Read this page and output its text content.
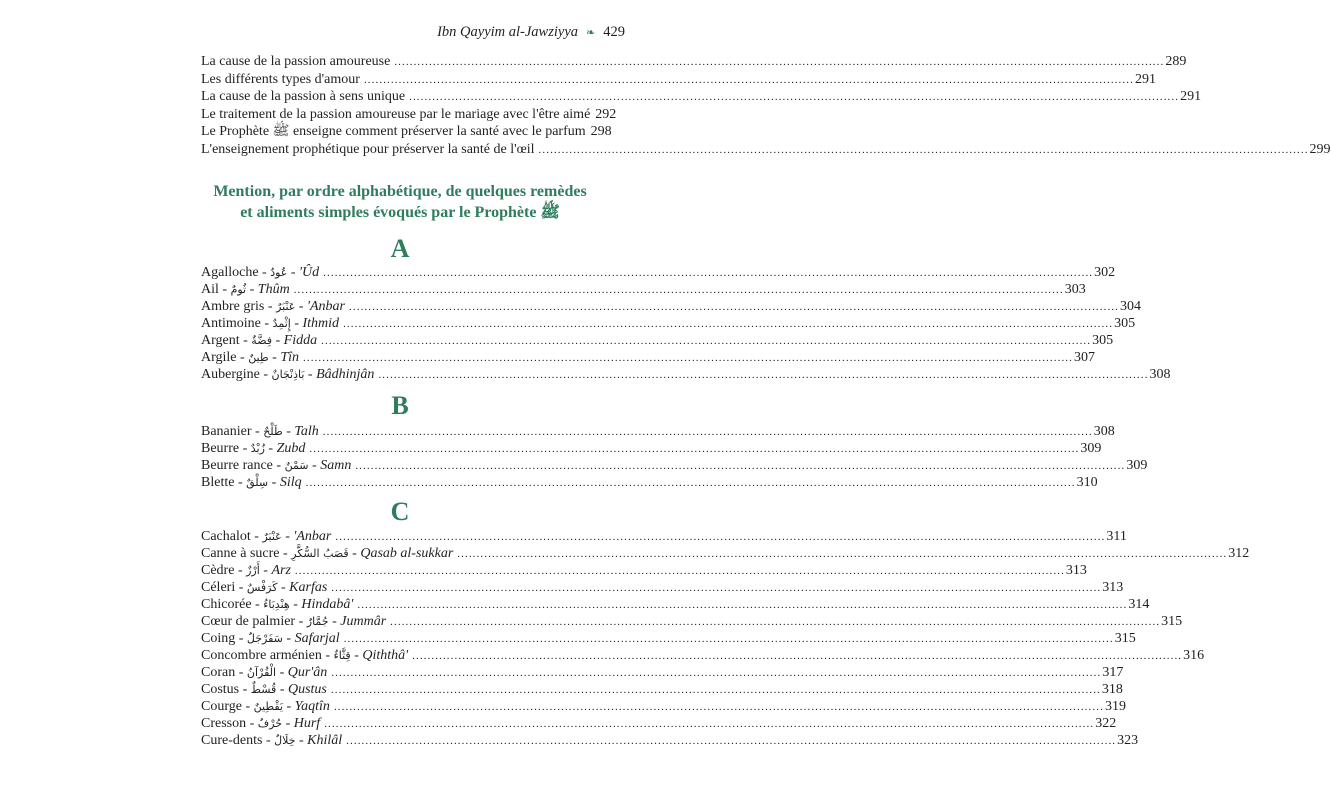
Ibn Qayyim al-Jawziyya ❧ 429
La cause de la passion amoureuse ........................................................................................................................................................................................................ 289
Les différents types d'amour ........................................................................................................................................................................................................ 291
La cause de la passion à sens unique ........................................................................................................................................................................................................ 291
Le traitement de la passion amoureuse par le mariage avec l'être aimé 292
Le Prophète ﷺ enseigne comment préserver la santé avec le parfum 298
L'enseignement prophétique pour préserver la santé de l'œil ........................................................................................................................................................................................................ 299
Mention, par ordre alphabétique, de quelques remèdes
et aliments simples évoqués par le Prophète ﷺ
A
Agalloche - عُودٌ - 'Ûd ........................................................................................................................................................................................................ 302
Ail - ثُومٌ - Thûm ........................................................................................................................................................................................................ 303
Ambre gris - عَنْبَرٌ - 'Anbar ........................................................................................................................................................................................................ 304
Antimoine - إِثْمِدٌ - Ithmid ........................................................................................................................................................................................................ 305
Argent - فِضَّةٌ - Fidda ........................................................................................................................................................................................................ 305
Argile - طِينٌ - Tîn ........................................................................................................................................................................................................ 307
Aubergine - بَاذِنْجَانٌ - Bâdhinjân ........................................................................................................................................................................................................ 308
B
Bananier - طَلْحٌ - Talh ........................................................................................................................................................................................................ 308
Beurre - زُبْدٌ - Zubd ........................................................................................................................................................................................................ 309
Beurre rance - سَمْنٌ - Samn ........................................................................................................................................................................................................ 309
Blette - سِلْقٌ - Silq ........................................................................................................................................................................................................ 310
C
Cachalot - عَنْبَرٌ - 'Anbar ........................................................................................................................................................................................................ 311
Canne à sucre - قَصَبُ السُّكَّرِ - Qasab al-sukkar ........................................................................................................................................................................................................ 312
Cèdre - أَرْزٌ - Arz ........................................................................................................................................................................................................ 313
Céleri - كَرَفْسٌ - Karfas ........................................................................................................................................................................................................ 313
Chicorée - هِنْدِبَاءُ - Hindabâ' ........................................................................................................................................................................................................ 314
Cœur de palmier - جُمَّارٌ - Jummâr ........................................................................................................................................................................................................ 315
Coing - سَفَرْجَلٌ - Safarjal ........................................................................................................................................................................................................ 315
Concombre arménien - قِثَّاءٌ - Qiththâ' ........................................................................................................................................................................................................ 316
Coran - الْقُرْآنُ - Qur'ân ........................................................................................................................................................................................................ 317
Costus - قُسْطٌ - Qustus ........................................................................................................................................................................................................ 318
Courge - يَقْطِينٌ - Yaqtîn ........................................................................................................................................................................................................ 319
Cresson - حُرْفٌ - Hurf ........................................................................................................................................................................................................ 322
Cure-dents - خِلَالٌ - Khilâl ........................................................................................................................................................................................................ 323
